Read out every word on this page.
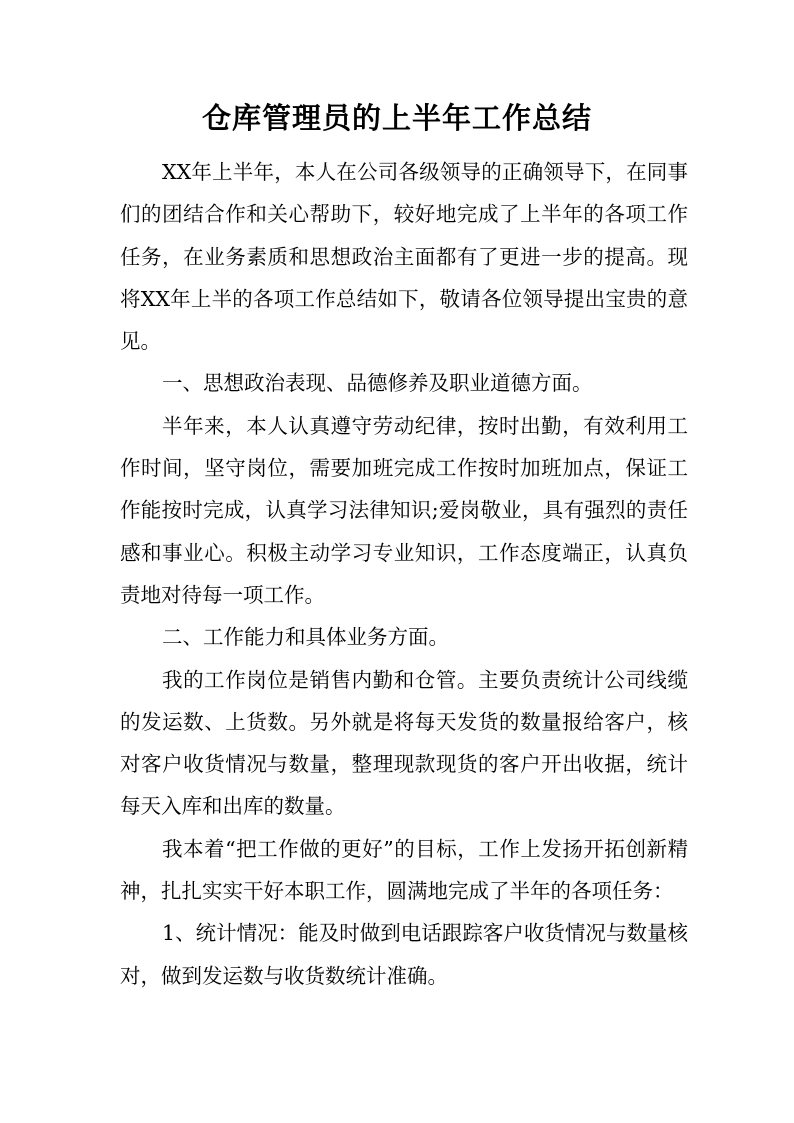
仓库管理员的上半年工作总结

XX年上半年，本人在公司各级领导的正确领导下，在同事们的团结合作和关心帮助下，较好地完成了上半年的各项工作任务，在业务素质和思想政治主面都有了更进一步的提高。现将XX年上半的各项工作总结如下，敬请各位领导提出宝贵的意见。

一、思想政治表现、品德修养及职业道德方面。

半年来，本人认真遵守劳动纪律，按时出勤，有效利用工作时间，坚守岗位，需要加班完成工作按时加班加点，保证工作能按时完成，认真学习法律知识;爱岗敬业，具有强烈的责任感和事业心。积极主动学习专业知识，工作态度端正，认真负责地对待每一项工作。

二、工作能力和具体业务方面。

我的工作岗位是销售内勤和仓管。主要负责统计公司线缆的发运数、上货数。另外就是将每天发货的数量报给客户，核对客户收货情况与数量，整理现款现货的客户开出收据，统计每天入库和出库的数量。

我本着“把工作做的更好”的目标，工作上发扬开拓创新精神，扎扎实实干好本职工作，圆满地完成了半年的各项任务：

1、统计情况：能及时做到电话跟踪客户收货情况与数量核对，做到发运数与收货数统计准确。
